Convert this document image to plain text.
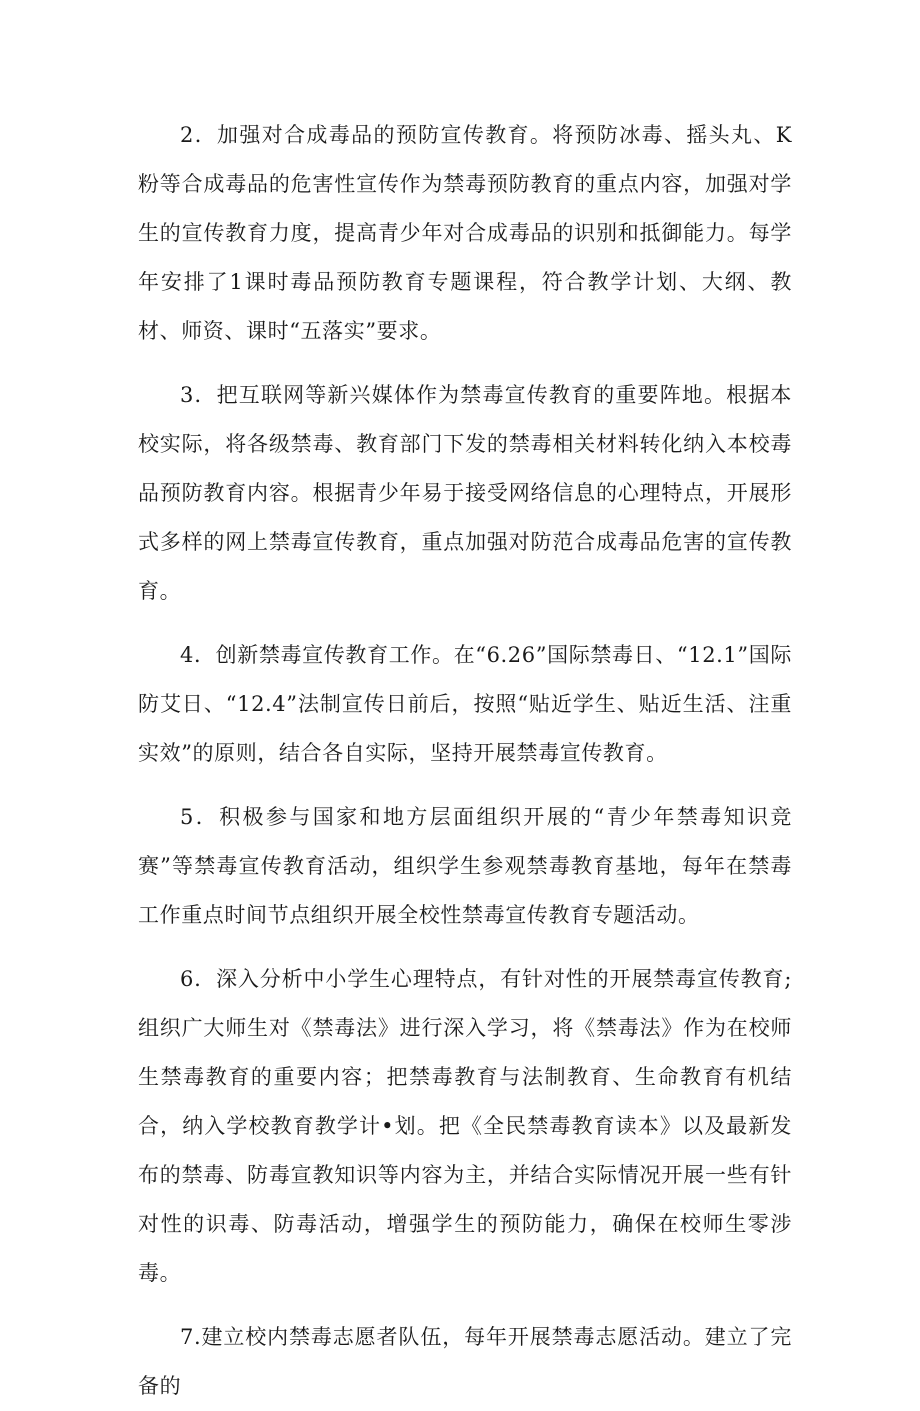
2．加强对合成毒品的预防宣传教育。将预防冰毒、摇头丸、K粉等合成毒品的危害性宣传作为禁毒预防教育的重点内容，加强对学生的宣传教育力度，提高青少年对合成毒品的识别和抵御能力。每学年安排了1课时毒品预防教育专题课程，符合教学计划、大纲、教材、师资、课时“五落实”要求。

3．把互联网等新兴媒体作为禁毒宣传教育的重要阵地。根据本校实际，将各级禁毒、教育部门下发的禁毒相关材料转化纳入本校毒品预防教育内容。根据青少年易于接受网络信息的心理特点，开展形式多样的网上禁毒宣传教育，重点加强对防范合成毒品危害的宣传教育。

4．创新禁毒宣传教育工作。在“6.26”国际禁毒日、“12.1”国际防艾日、“12.4”法制宣传日前后，按照“贴近学生、贴近生活、注重实效”的原则，结合各自实际，坚持开展禁毒宣传教育。

5．积极参与国家和地方层面组织开展的“青少年禁毒知识竞赛”等禁毒宣传教育活动，组织学生参观禁毒教育基地，每年在禁毒工作重点时间节点组织开展全校性禁毒宣传教育专题活动。

6．深入分析中小学生心理特点，有针对性的开展禁毒宣传教育;组织广大师生对《禁毒法》进行深入学习，将《禁毒法》作为在校师生禁毒教育的重要内容；把禁毒教育与法制教育、生命教育有机结合，纳入学校教育教学计•划。把《全民禁毒教育读本》以及最新发布的禁毒、防毒宣教知识等内容为主，并结合实际情况开展一些有针对性的识毒、防毒活动，增强学生的预防能力，确保在校师生零涉毒。

7.建立校内禁毒志愿者队伍，每年开展禁毒志愿活动。建立了完备的
